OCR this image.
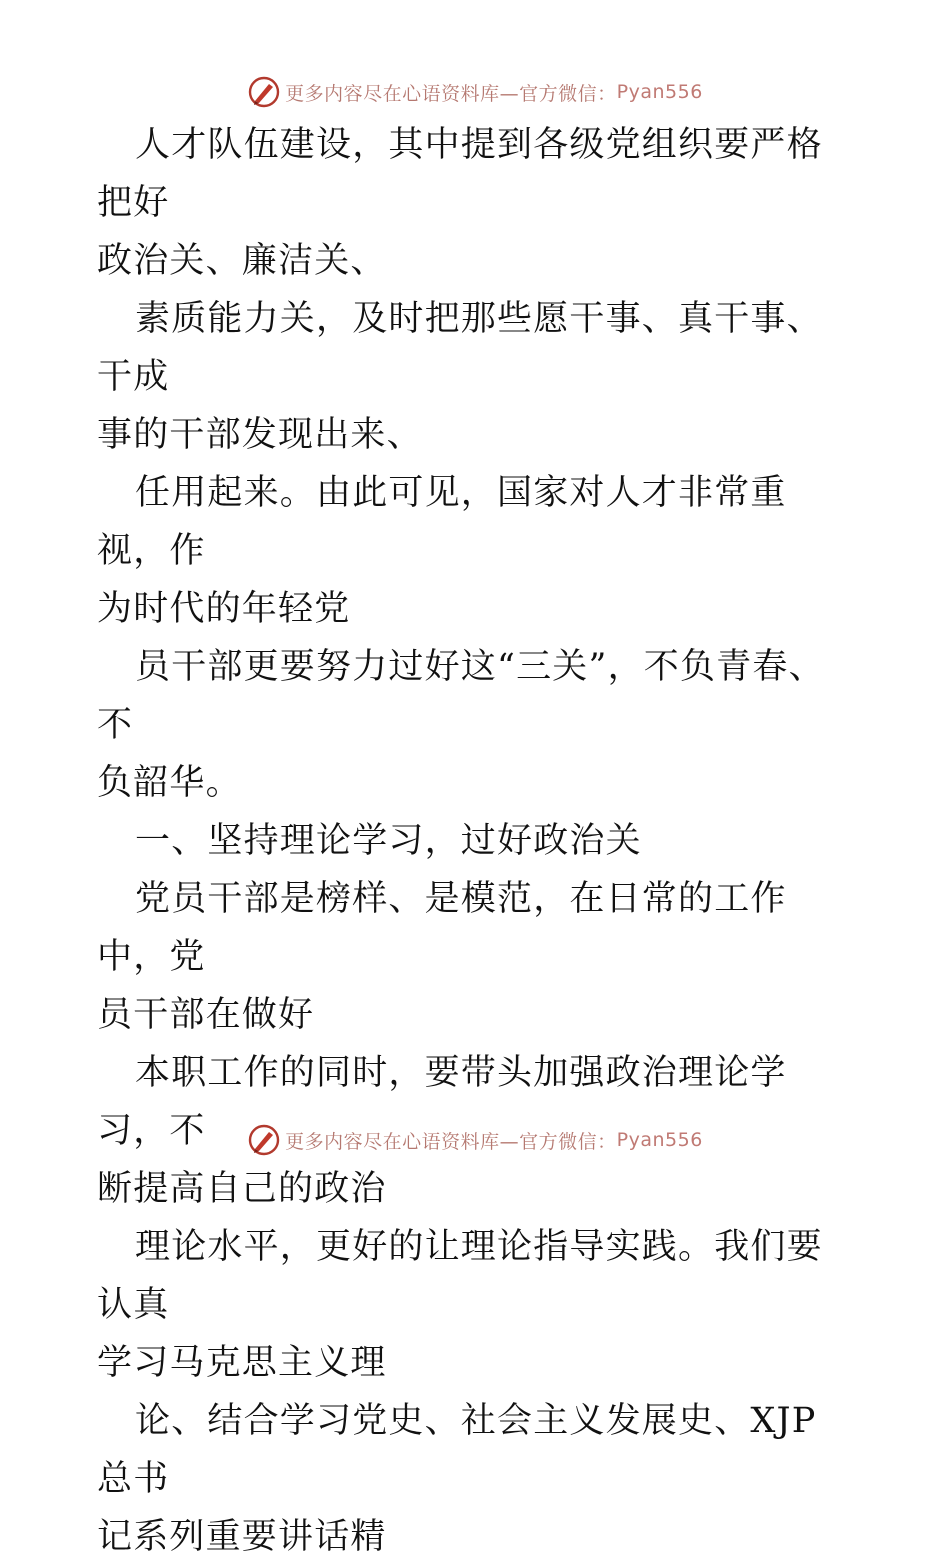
更多内容尽在心语资料库—官方微信： Pyan556

人才队伍建设，其中提到各级党组织要严格把好
政治关、廉洁关、

素质能力关，及时把那些愿干事、真干事、干成
事的干部发现出来、

任用起来。由此可见，国家对人才非常重视，作
为时代的年轻党

员干部更要努力过好这“三关”，不负青春、不
负韶华。

一、坚持理论学习，过好政治关

党员干部是榜样、是模范，在日常的工作中，党
员干部在做好

本职工作的同时，要带头加强政治理论学习，不
断提高自己的政治

理论水平，更好的让理论指导实践。我们要认真
学习马克思主义理

论、结合学习党史、社会主义发展史、XJP 总书
记系列重要讲话精

更多内容尽在心语资料库—官方微信： Pyan556
